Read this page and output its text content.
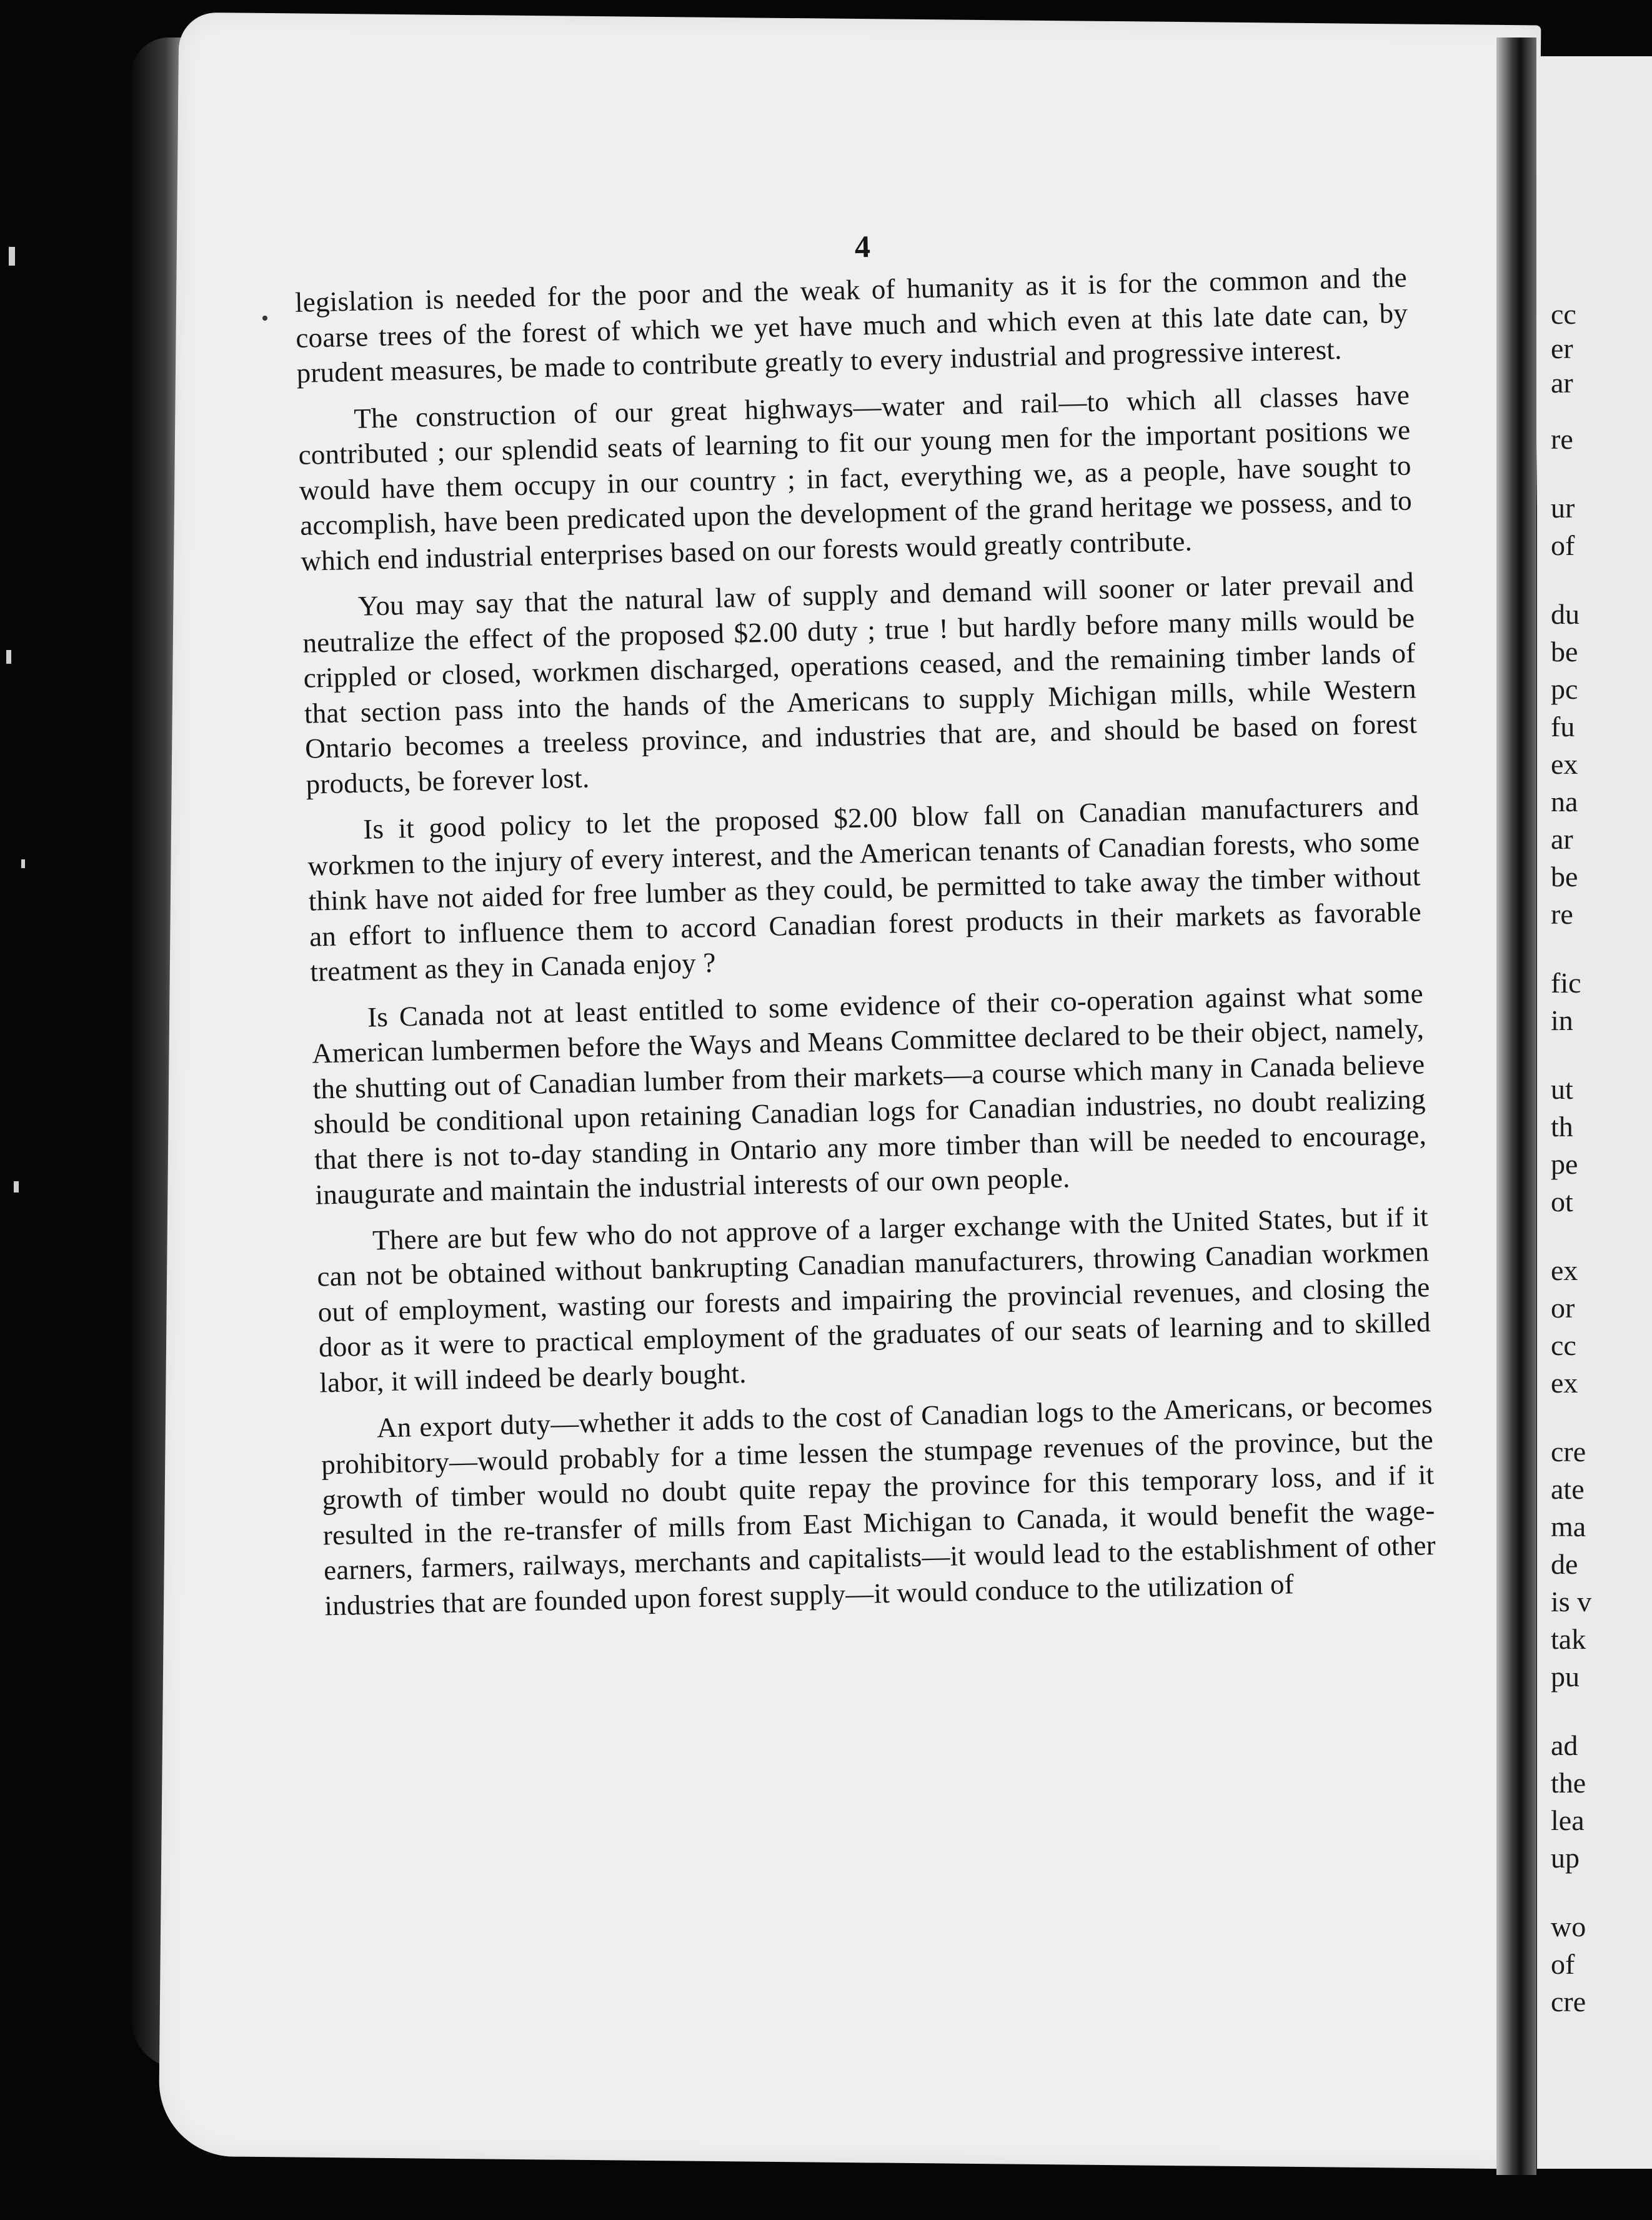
cc
er
ar
re
ur
of
du
be
pc
fu
ex
na
ar
be
re
fic
in
ut
th
pe
ot
ex
or
cc
ex
cre
ate
ma
de
is v
tak
pu
ad
the
lea
up
wo
of
cre
4

legislation is needed for the poor and the weak of humanity as it is for the common and the coarse trees of the forest of which we yet have much and which even at this late date can, by prudent measures, be made to contribute greatly to every industrial and progressive interest.

The construction of our great highways—water and rail—to which all classes have contributed ; our splendid seats of learning to fit our young men for the important positions we would have them occupy in our country ; in fact, everything we, as a people, have sought to accomplish, have been predicated upon the development of the grand heritage we possess, and to which end industrial enterprises based on our forests would greatly contribute.

You may say that the natural law of supply and demand will sooner or later prevail and neutralize the effect of the proposed $2.00 duty ; true ! but hardly before many mills would be crippled or closed, workmen discharged, operations ceased, and the remaining timber lands of that section pass into the hands of the Americans to supply Michigan mills, while Western Ontario becomes a treeless province, and industries that are, and should be based on forest products, be forever lost.

Is it good policy to let the proposed $2.00 blow fall on Canadian manufacturers and workmen to the injury of every interest, and the American tenants of Canadian forests, who some think have not aided for free lumber as they could, be permitted to take away the timber without an effort to influence them to accord Canadian forest products in their markets as favorable treatment as they in Canada enjoy ?

Is Canada not at least entitled to some evidence of their co-operation against what some American lumbermen before the Ways and Means Committee declared to be their object, namely, the shutting out of Canadian lumber from their markets—a course which many in Canada believe should be conditional upon retaining Canadian logs for Canadian industries, no doubt realizing that there is not to-day standing in Ontario any more timber than will be needed to encourage, inaugurate and maintain the industrial interests of our own people.

There are but few who do not approve of a larger exchange with the United States, but if it can not be obtained without bankrupting Canadian manufacturers, throwing Canadian workmen out of employment, wasting our forests and impairing the provincial revenues, and closing the door as it were to practical employment of the graduates of our seats of learning and to skilled labor, it will indeed be dearly bought.

An export duty—whether it adds to the cost of Canadian logs to the Americans, or becomes prohibitory—would probably for a time lessen the stumpage revenues of the province, but the growth of timber would no doubt quite repay the province for this temporary loss, and if it resulted in the re-transfer of mills from East Michigan to Canada, it would benefit the wage-earners, farmers, railways, merchants and capitalists—it would lead to the establishment of other industries that are founded upon forest supply—it would conduce to the utilization of
